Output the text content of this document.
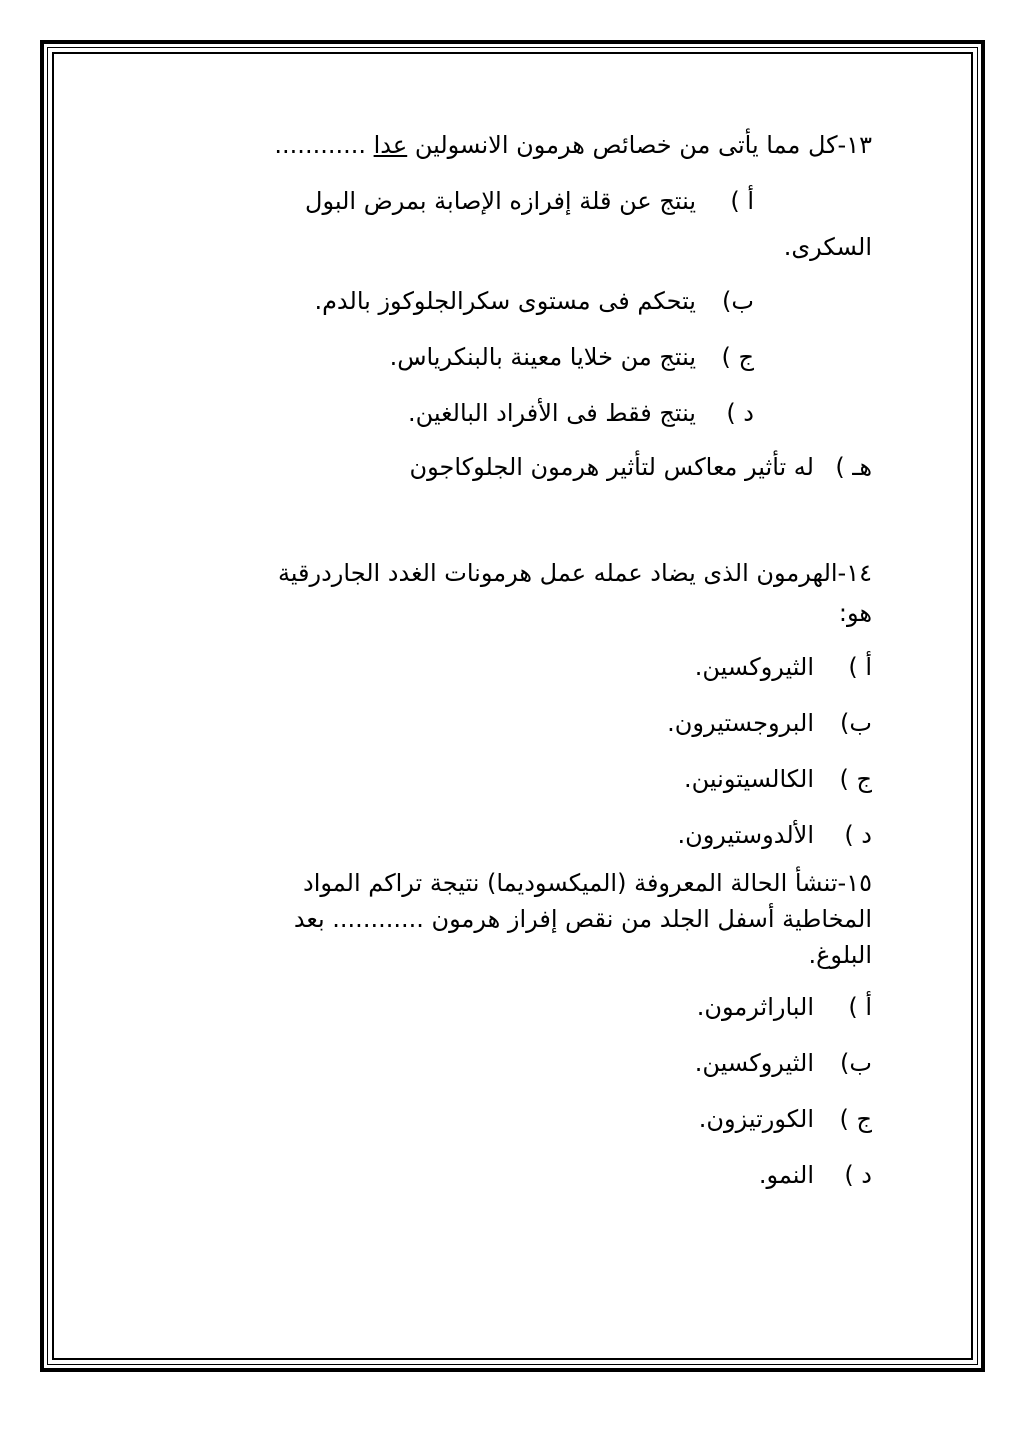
١٣-كل مما يأتى من خصائص هرمون الانسولين عدا ............

أ )
ينتج عن قلة إفرازه الإصابة بمرض البول

السكرى.

ب)
يتحكم فى مستوى سكرالجلوكوز بالدم.
ج )
ينتج من خلايا معينة بالبنكرياس.
د )
ينتج فقط فى الأفراد البالغين.
هـ )
له تأثير معاكس لتأثير هرمون الجلوكاجون

١٤-الهرمون الذى يضاد عمله عمل هرمونات الغدد الجاردرقية

هو:

أ )
الثيروكسين.
ب)
البروجستيرون.
ج )
الكالسيتونين.
د )
الألدوستيرون.

١٥-تنشأ الحالة المعروفة (الميكسوديما) نتيجة تراكم المواد

المخاطية أسفل الجلد من نقص إفراز هرمون ............ بعد

البلوغ.

أ )
الباراثرمون.
ب)
الثيروكسين.
ج )
الكورتيزون.
د )
النمو.
